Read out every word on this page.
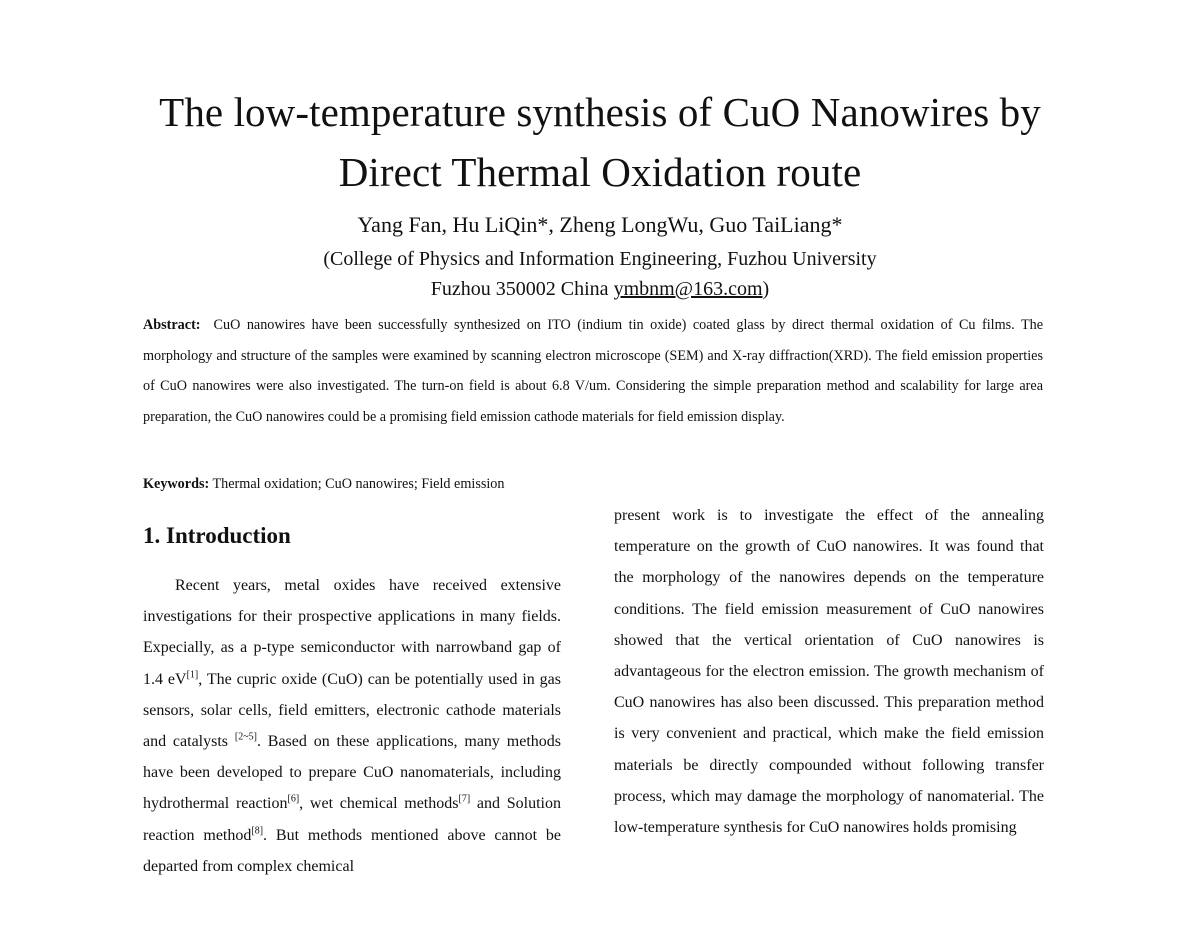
The low-temperature synthesis of CuO Nanowires by
Direct Thermal Oxidation route
Yang Fan, Hu LiQin*, Zheng LongWu, Guo TaiLiang*
(College of Physics and Information Engineering, Fuzhou University
Fuzhou 350002 China ymbnm@163.com)
Abstract: CuO nanowires have been successfully synthesized on ITO (indium tin oxide) coated glass by direct thermal oxidation of Cu films. The morphology and structure of the samples were examined by scanning electron microscope (SEM) and X-ray diffraction(XRD). The field emission properties of CuO nanowires were also investigated. The turn-on field is about 6.8 V/um. Considering the simple preparation method and scalability for large area preparation, the CuO nanowires could be a promising field emission cathode materials for field emission display.
Keywords: Thermal oxidation; CuO nanowires; Field emission
1. Introduction

Recent years, metal oxides have received extensive investigations for their prospective applications in many fields. Expecially, as a p-type semiconductor with narrowband gap of 1.4 eV[1], The cupric oxide (CuO) can be potentially used in gas sensors, solar cells, field emitters, electronic cathode materials and catalysts [2~5]. Based on these applications, many methods have been developed to prepare CuO nanomaterials, including hydrothermal reaction[6], wet chemical methods[7] and Solution reaction method[8]. But methods mentioned above cannot be departed from complex chemical

present work is to investigate the effect of the annealing temperature on the growth of CuO nanowires. It was found that the morphology of the nanowires depends on the temperature conditions. The field emission measurement of CuO nanowires showed that the vertical orientation of CuO nanowires is advantageous for the electron emission. The growth mechanism of CuO nanowires has also been discussed. This preparation method is very convenient and practical, which make the field emission materials be directly compounded without following transfer process, which may damage the morphology of nanomaterial. The low-temperature synthesis for CuO nanowires holds promising
